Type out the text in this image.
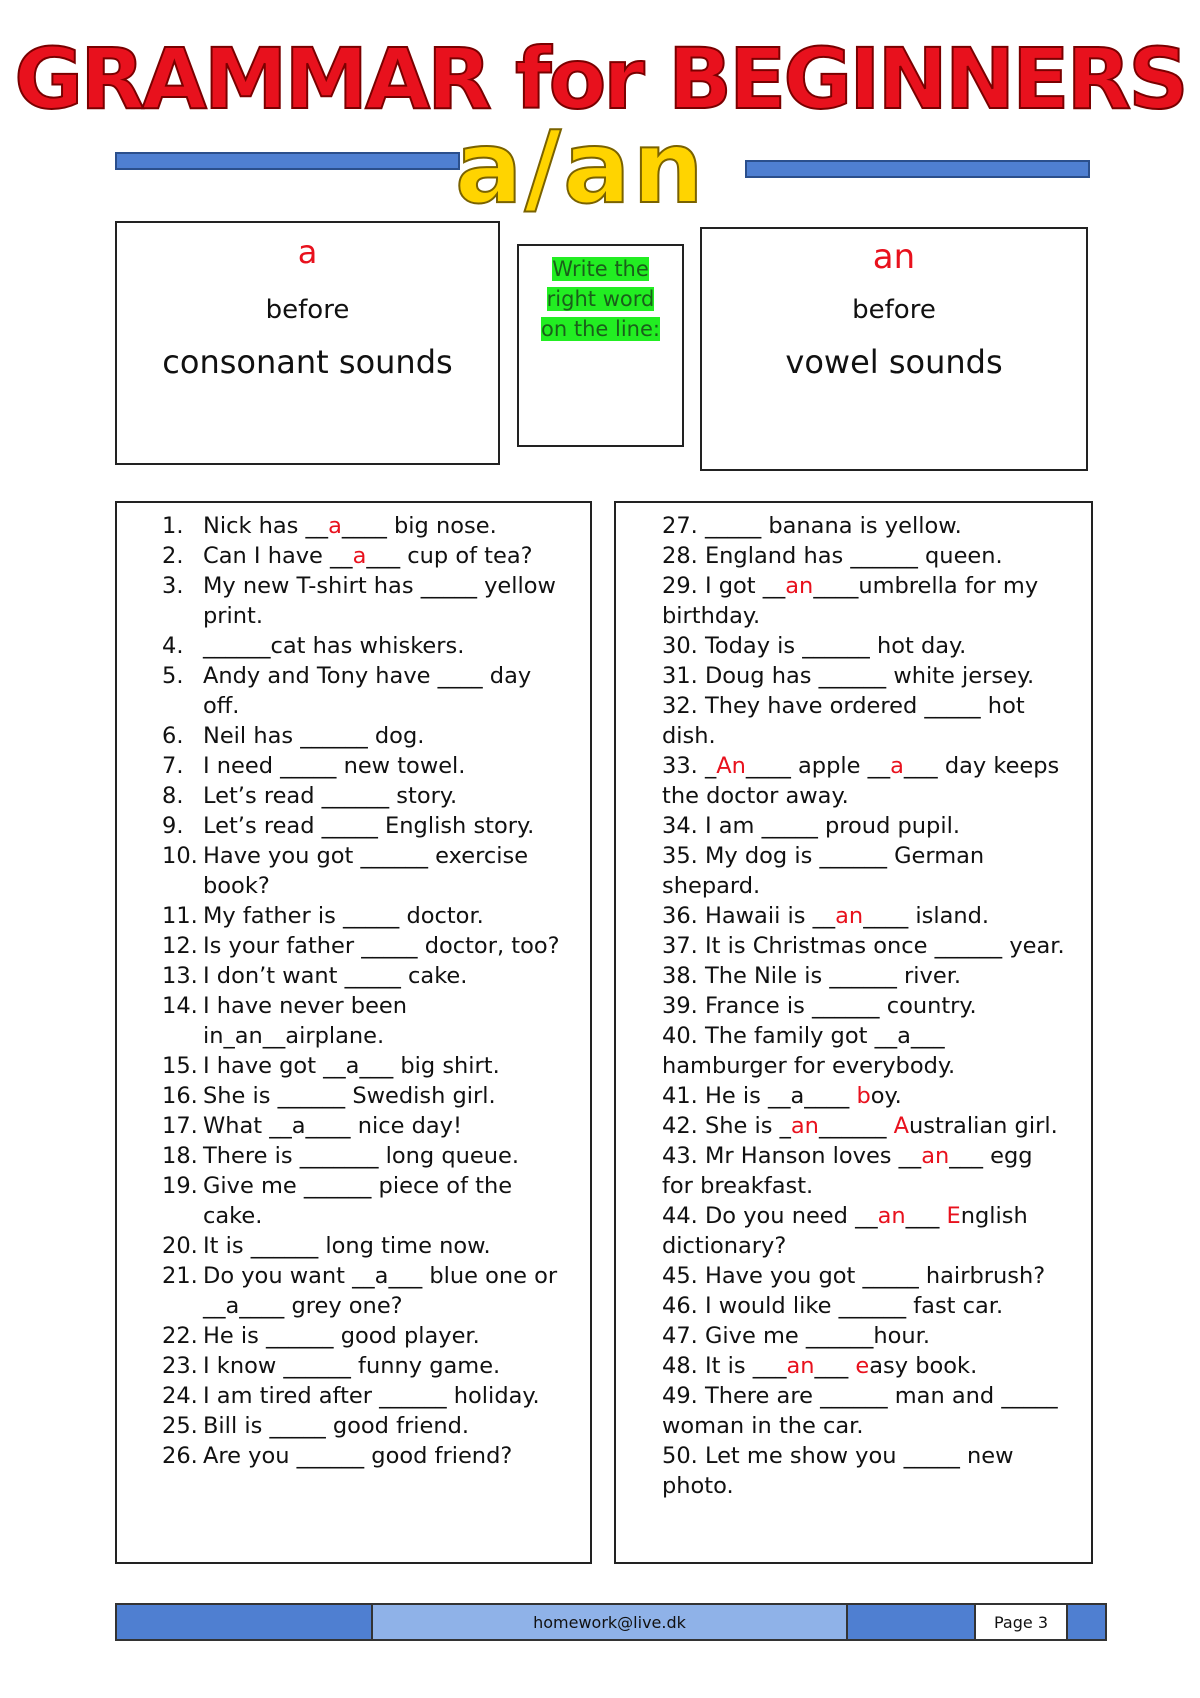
GRAMMAR for BEGINNERS
a/an
a
before
consonant sounds
Write the
right word
on the line:
an
before
vowel sounds
1. Nick has __a____ big nose.
2. Can I have __a___ cup of tea?
3. My new T-shirt has _____ yellow print.
4. ______cat has whiskers.
5. Andy and Tony have ____ day off.
6. Neil has ______ dog.
7. I need _____ new towel.
8. Let’s read ______ story.
9. Let’s read _____ English story.
10. Have you got ______ exercise book?
11. My father is _____ doctor.
12. Is your father _____ doctor, too?
13. I don’t want _____ cake.
14. I have never been in_an__airplane.
15. I have got __a___ big shirt.
16. She is ______ Swedish girl.
17. What __a____ nice day!
18. There is _______ long queue.
19. Give me ______ piece of the cake.
20. It is ______ long time now.
21. Do you want __a___ blue one or __a____ grey one?
22. He is ______ good player.
23. I know ______ funny game.
24. I am tired after ______ holiday.
25. Bill is _____ good friend.
26. Are you ______ good friend?
27. _____ banana is yellow.
28. England has ______ queen.
29. I got __an____umbrella for my birthday.
30. Today is ______ hot day.
31. Doug has ______ white jersey.
32. They have ordered _____ hot dish.
33. _An____ apple __a___ day keeps the doctor away.
34. I am _____ proud pupil.
35. My dog is ______ German shepard.
36. Hawaii is __an____ island.
37. It is Christmas once ______ year.
38. The Nile is ______ river.
39. France is ______ country.
40. The family got __a___ hamburger for everybody.
41. He is __a____ boy.
42. She is _an______ Australian girl.
43. Mr Hanson loves __an___ egg for breakfast.
44. Do you need __an___ English dictionary?
45. Have you got _____ hairbrush?
46. I would like ______ fast car.
47. Give me ______hour.
48. It is ___an___ easy book.
49. There are ______ man and _____ woman in the car.
50. Let me show you _____ new photo.
homework@live.dk	Page 3
